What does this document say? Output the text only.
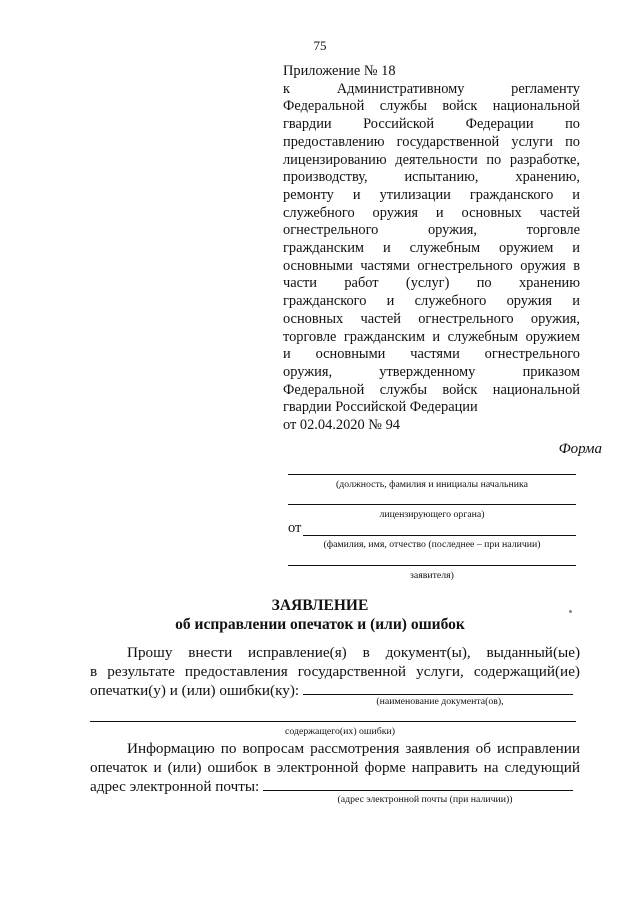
75
Приложение № 18
к Административному регламенту
Федеральной службы войск национальной
гвардии Российской Федерации по
предоставлению государственной услуги по
лицензированию деятельности по разработке,
производству, испытанию, хранению,
ремонту и утилизации гражданского и
служебного оружия и основных частей
огнестрельного оружия, торговле
гражданским и служебным оружием и
основными частями огнестрельного оружия в
части работ (услуг) по хранению
гражданского и служебного оружия и
основных частей огнестрельного оружия,
торговле гражданским и служебным оружием
и основными частями огнестрельного
оружия, утвержденному приказом
Федеральной службы войск национальной
гвардии Российской Федерации
от 02.04.2020 № 94
Форма
(должность, фамилия и инициалы начальника
лицензирующего органа)
от
(фамилия, имя, отчество (последнее – при наличии)
заявителя)
ЗАЯВЛЕНИЕ
об исправлении опечаток и (или) ошибок
Прошу внести исправление(я) в документ(ы), выданный(ые)
в результате предоставления государственной услуги, содержащий(ие)
опечатки(у) и (или) ошибки(ку):
(наименование документа(ов),
содержащего(их) ошибки)
Информацию по вопросам рассмотрения заявления об исправлении
опечаток и (или) ошибок в электронной форме направить на следующий
адрес электронной почты:
(адрес электронной почты (при наличии))
